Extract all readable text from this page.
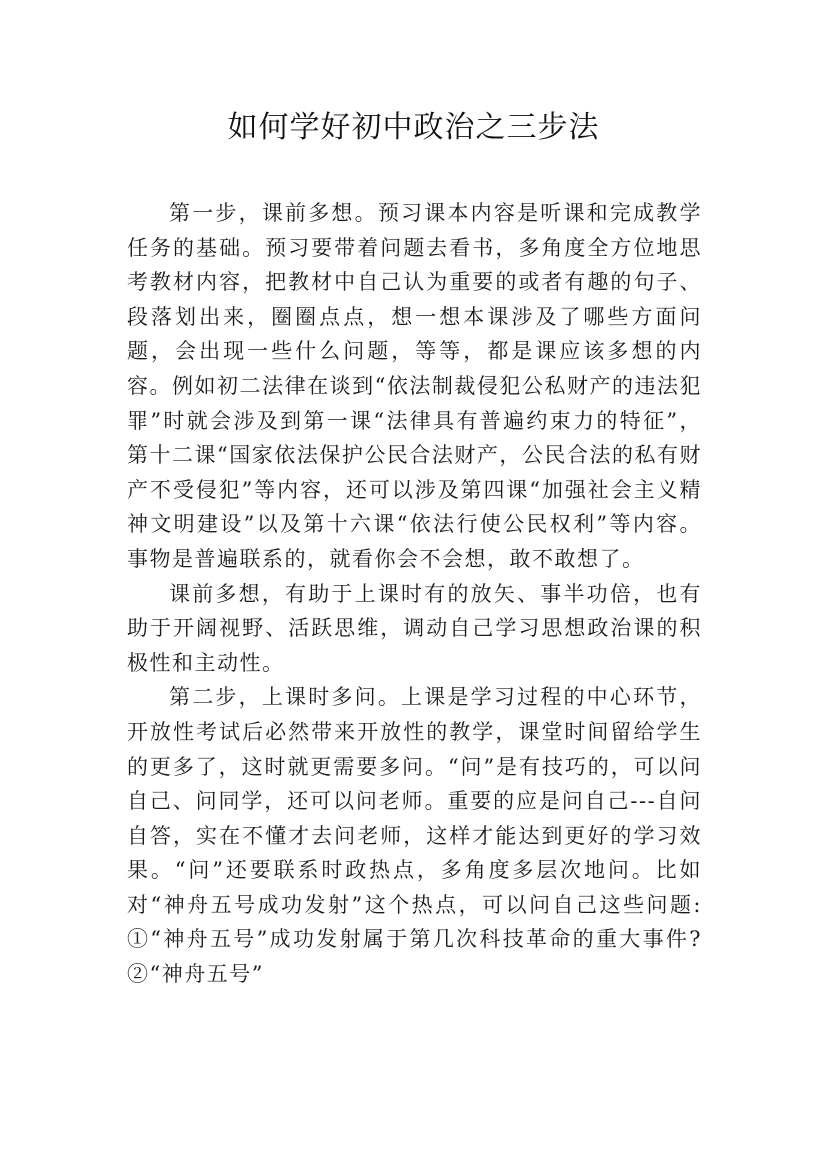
如何学好初中政治之三步法

第一步，课前多想。预习课本内容是听课和完成教学任务的基础。预习要带着问题去看书，多角度全方位地思考教材内容，把教材中自己认为重要的或者有趣的句子、段落划出来，圈圈点点，想一想本课涉及了哪些方面问题，会出现一些什么问题，等等，都是课应该多想的内容。例如初二法律在谈到“依法制裁侵犯公私财产的违法犯罪”时就会涉及到第一课“法律具有普遍约束力的特征”，第十二课“国家依法保护公民合法财产，公民合法的私有财产不受侵犯”等内容，还可以涉及第四课“加强社会主义精神文明建设”以及第十六课“依法行使公民权利”等内容。事物是普遍联系的，就看你会不会想，敢不敢想了。

课前多想，有助于上课时有的放矢、事半功倍，也有助于开阔视野、活跃思维，调动自己学习思想政治课的积极性和主动性。

第二步，上课时多问。上课是学习过程的中心环节，开放性考试后必然带来开放性的教学，课堂时间留给学生的更多了，这时就更需要多问。“问”是有技巧的，可以问自己、问同学，还可以问老师。重要的应是问自己---自问自答，实在不懂才去问老师，这样才能达到更好的学习效果。“问”还要联系时政热点，多角度多层次地问。比如对“神舟五号成功发射”这个热点，可以问自己这些问题: ①“神舟五号”成功发射属于第几次科技革命的重大事件?②“神舟五号”
